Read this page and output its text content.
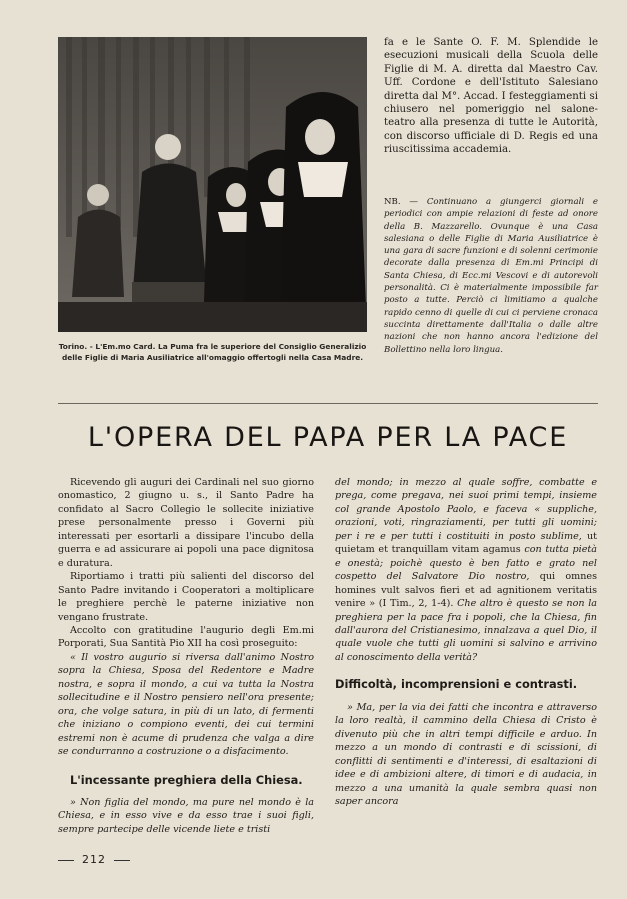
Torino. - L'Em.mo Card. La Puma fra le superiore del Consiglio Generalizio delle Figlie di Maria Ausiliatrice all'omaggio offertogli nella Casa Madre.
fa e le Sante O. F. M. Splendide le esecuzioni musicali della Scuola delle Figlie di M. A. diretta dal Maestro Cav. Uff. Cordone e dell'Istituto Salesiano diretta dal M°. Accad. I festeggiamenti si chiusero nel pomeriggio nel salone-teatro alla presenza di tutte le Autorità, con discorso ufficiale di D. Regis ed una riuscitissima accademia.
NB. — Continuano a giungerci giornali e periodici con ampie relazioni di feste ad onore della B. Mazzarello. Ovunque è una Casa salesiana o delle Figlie di Maria Ausiliatrice è una gara di sacre funzioni e di solenni cerimonie decorate dalla presenza di Em.mi Principi di Santa Chiesa, di Ecc.mi Vescovi e di autorevoli personalità. Ci è materialmente impossibile far posto a tutte. Perciò ci limitiamo a qualche rapido cenno di quelle di cui ci perviene cronaca succinta direttamente dall'Italia o dalle altre nazioni che non hanno ancora l'edizione del Bollettino nella loro lingua.
L'OPERA DEL PAPA PER LA PACE

Ricevendo gli auguri dei Cardinali nel suo giorno onomastico, 2 giugno u. s., il Santo Padre ha confidato al Sacro Collegio le sollecite iniziative prese personalmente presso i Governi più interessati per esortarli a dissipare l'incubo della guerra e ad assicurare ai popoli una pace dignitosa e duratura.

Riportiamo i tratti più salienti del discorso del Santo Padre invitando i Cooperatori a moltiplicare le preghiere perchè le paterne iniziative non vengano frustrate.

Accolto con gratitudine l'augurio degli Em.mi Porporati, Sua Santità Pio XII ha così proseguito:

« Il vostro augurio si riversa dall'animo Nostro sopra la Chiesa, Sposa del Redentore e Madre nostra, e sopra il mondo, a cui va tutta la Nostra sollecitudine e il Nostro pensiero nell'ora presente; ora, che volge satura, in più di un lato, di fermenti che iniziano o compiono eventi, dei cui termini estremi non è acume di prudenza che valga a dire se condurranno a costruzione o a disfacimento.

L'incessante preghiera della Chiesa.

» Non figlia del mondo, ma pure nel mondo è la Chiesa, e in esso vive e da esso trae i suoi figli, sempre partecipe delle vicende liete e tristi

del mondo; in mezzo al quale soffre, combatte e prega, come pregava, nei suoi primi tempi, insieme col grande Apostolo Paolo, e faceva « suppliche, orazioni, voti, ringraziamenti, per tutti gli uomini; per i re e per tutti i costituiti in posto sublime, ut quietam et tranquillam vitam agamus con tutta pietà e onestà; poichè questo è ben fatto e grato nel cospetto del Salvatore Dio nostro, qui omnes homines vult salvos fieri et ad agnitionem veritatis venire » (I Tim., 2, 1-4). Che altro è questo se non la preghiera per la pace fra i popoli, che la Chiesa, fin dall'aurora del Cristianesimo, innalzava a quel Dio, il quale vuole che tutti gli uomini si salvino e arrivino al conoscimento della verità?

Difficoltà, incomprensioni e contrasti.

» Ma, per la via dei fatti che incontra e attraverso la loro realtà, il cammino della Chiesa di Cristo è divenuto più che in altri tempi difficile e arduo. In mezzo a un mondo di contrasti e di scissioni, di conflitti di sentimenti e d'interessi, di esaltazioni di idee e di ambizioni altere, di timori e di audacia, in mezzo a una umanità la quale sembra quasi non saper ancora

212
